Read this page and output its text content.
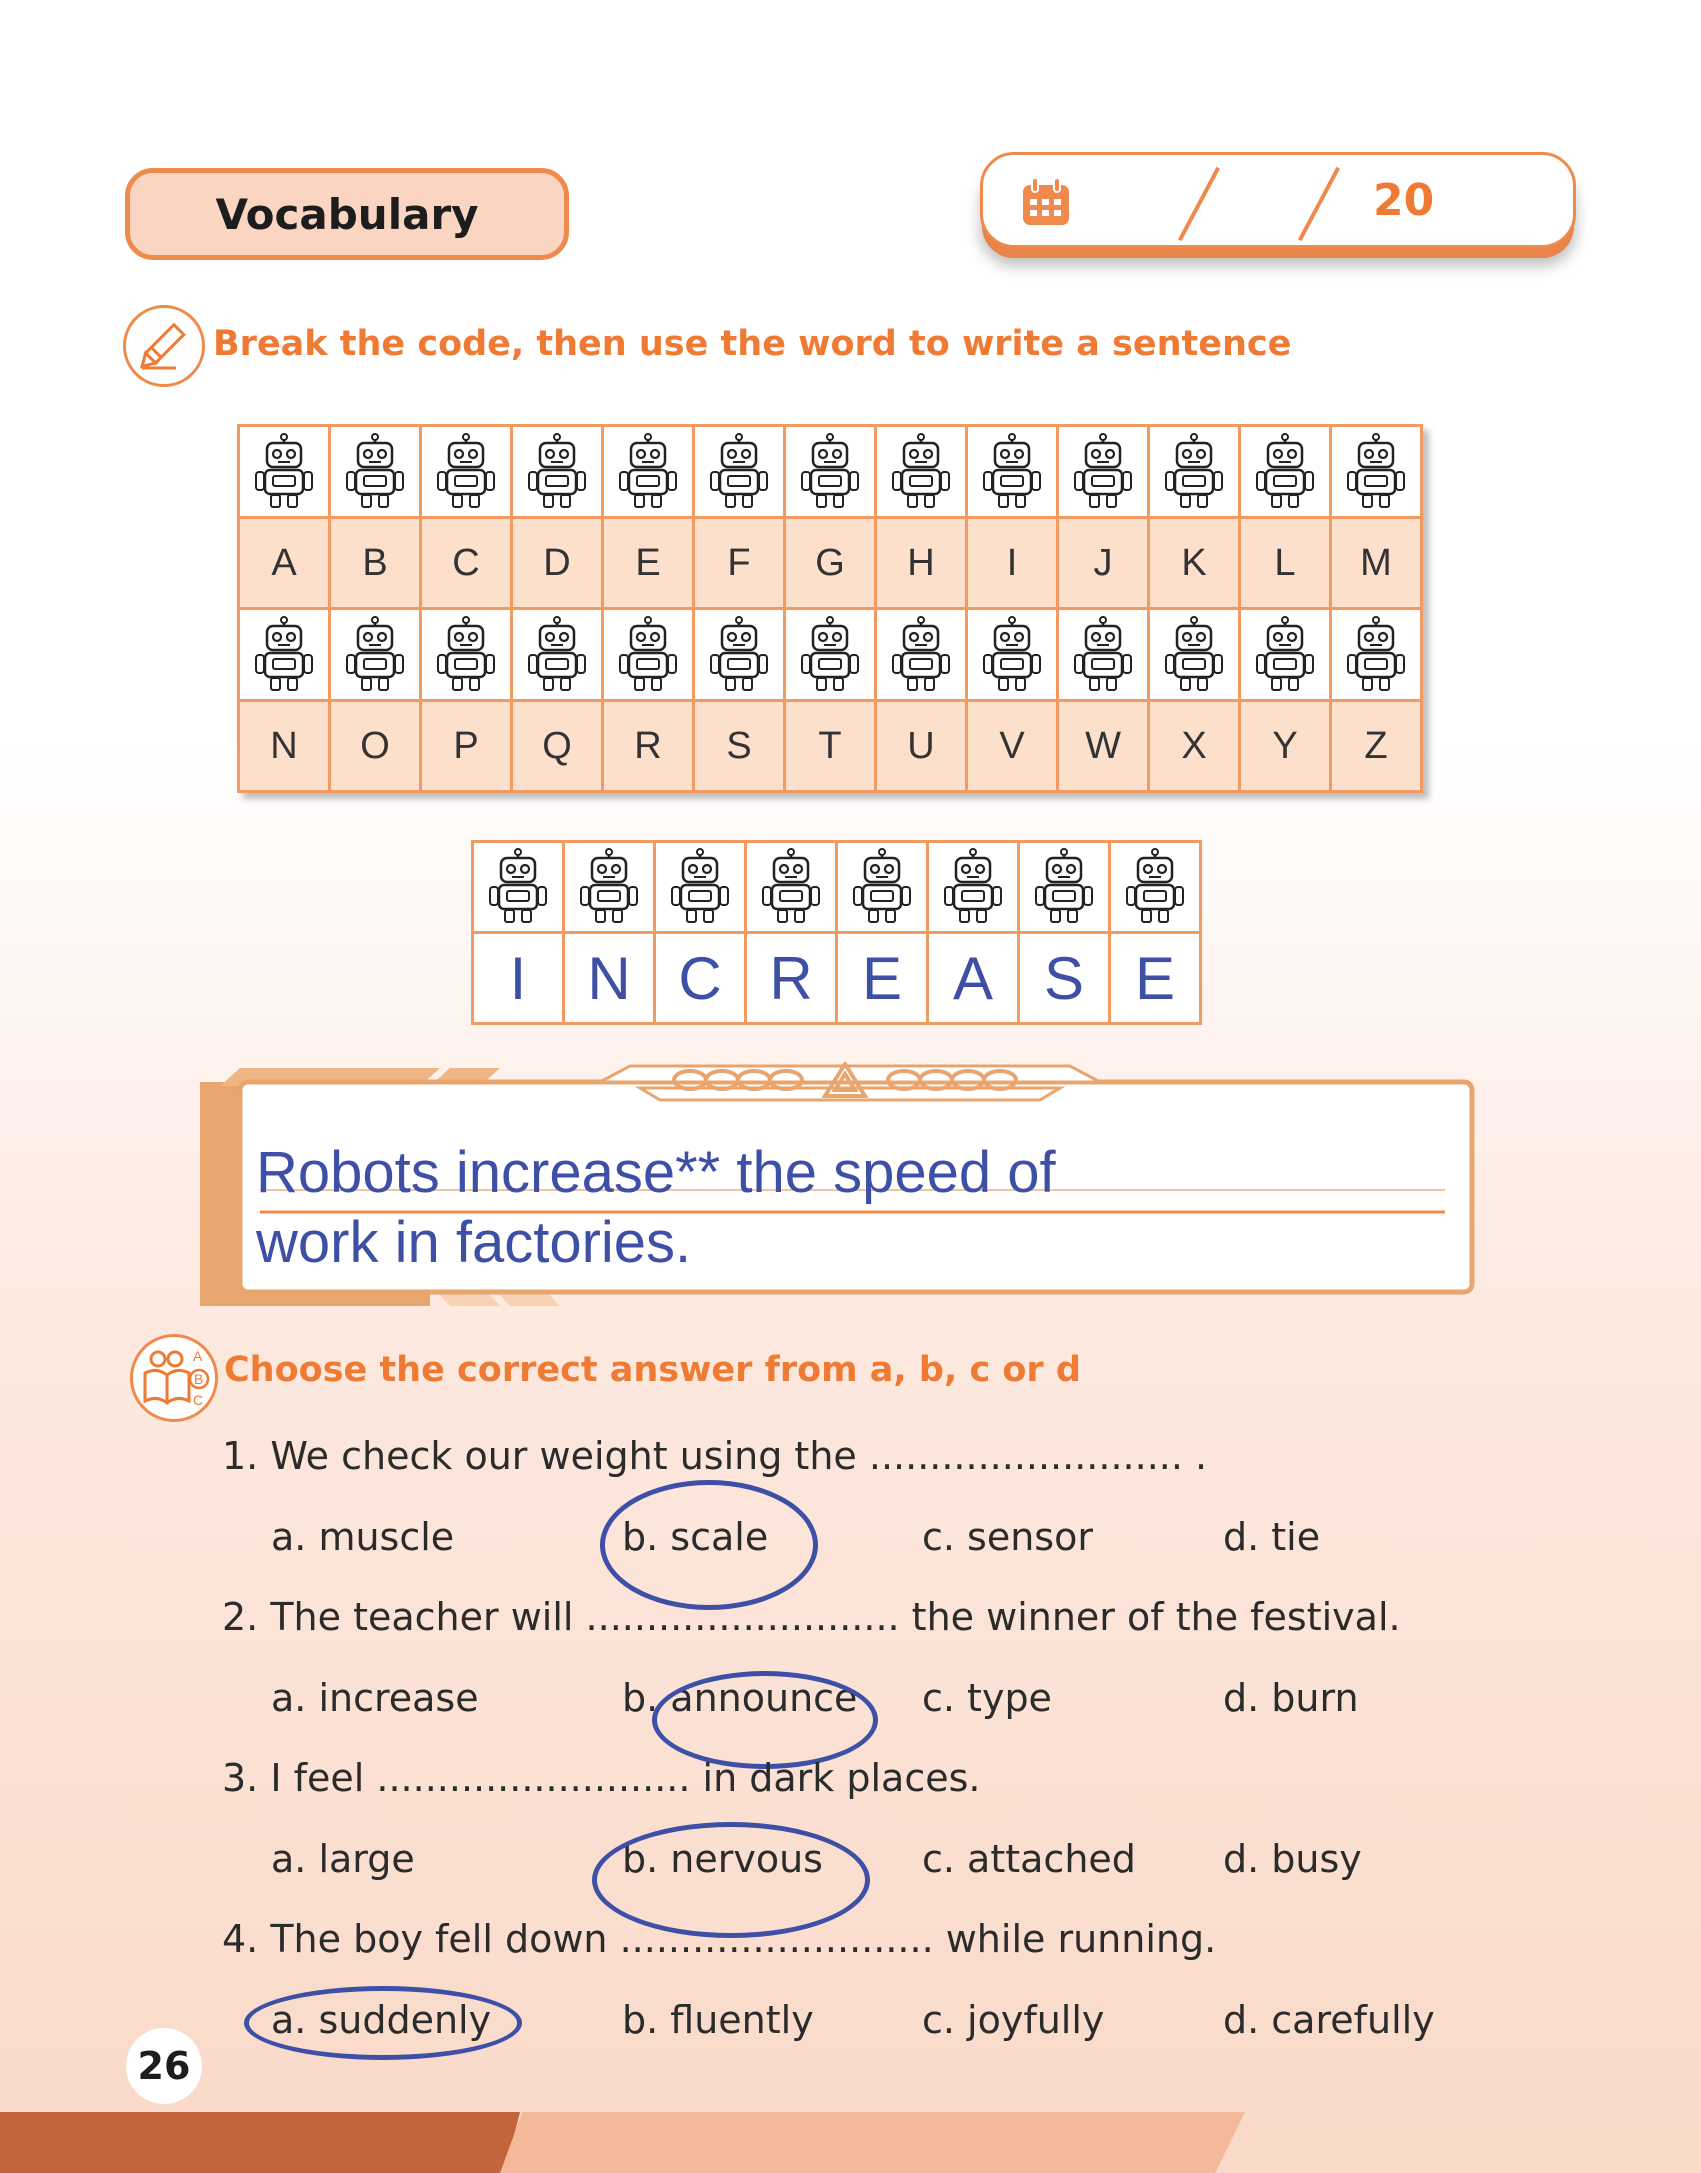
Vocabulary	20
Break the code, then use the word to write a sentence

A	B	C	D	E	F	G	H	I	J	K	L	M

N	O	P	Q	R	S	T	U	V	W	X	Y	Z

I	N	C	R	E	A	S	E
Robots increase** the speed of
work in factories.
A
B
C
Choose the correct answer from a, b, c or d
1. We check our weight using the .......................... .
a. muscle	b. scale	c. sensor	d. tie
2. The teacher will .......................... the winner of the festival.
a. increase	b. announce c. type	d. burn
3. I feel .......................... in dark places.
a. large	b. nervous	c. attached d. busy
4. The boy fell down .......................... while running.
a. suddenly	b. fluently	c. joyfully	d. carefully
26
